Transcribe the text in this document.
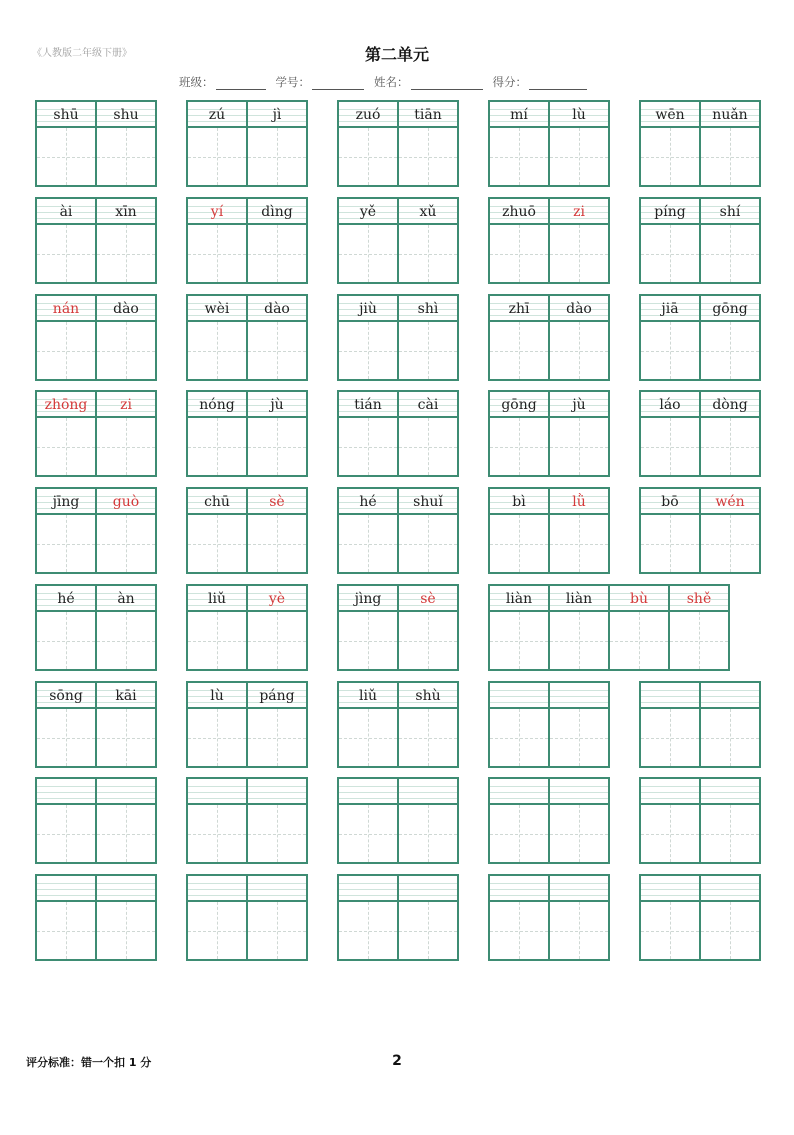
《人教版二年级下册》	第二单元
班级：	学号：	姓名：	得分：
shū	shu	zú	jì	zuó	tiān	mí	lù	wēn	nuǎn
ài	xīn	yí	dìng	yě	xǔ	zhuō	zi	píng	shí
nán	dào	wèi	dào	jiù	shì	zhī	dào	jiā	gōng
zhōng	zi	nóng	jù	tián	cài	gōng	jù	láo	dòng
jīng	guò	chū	sè	hé	shuǐ	bì	lǜ	bō	wén
hé	àn	liǔ	yè	jìng	sè	liàn	liàn	bù	shě
sōng	kāi	lù	páng	liǔ	shù
评分标准：错一个扣 1 分	2
